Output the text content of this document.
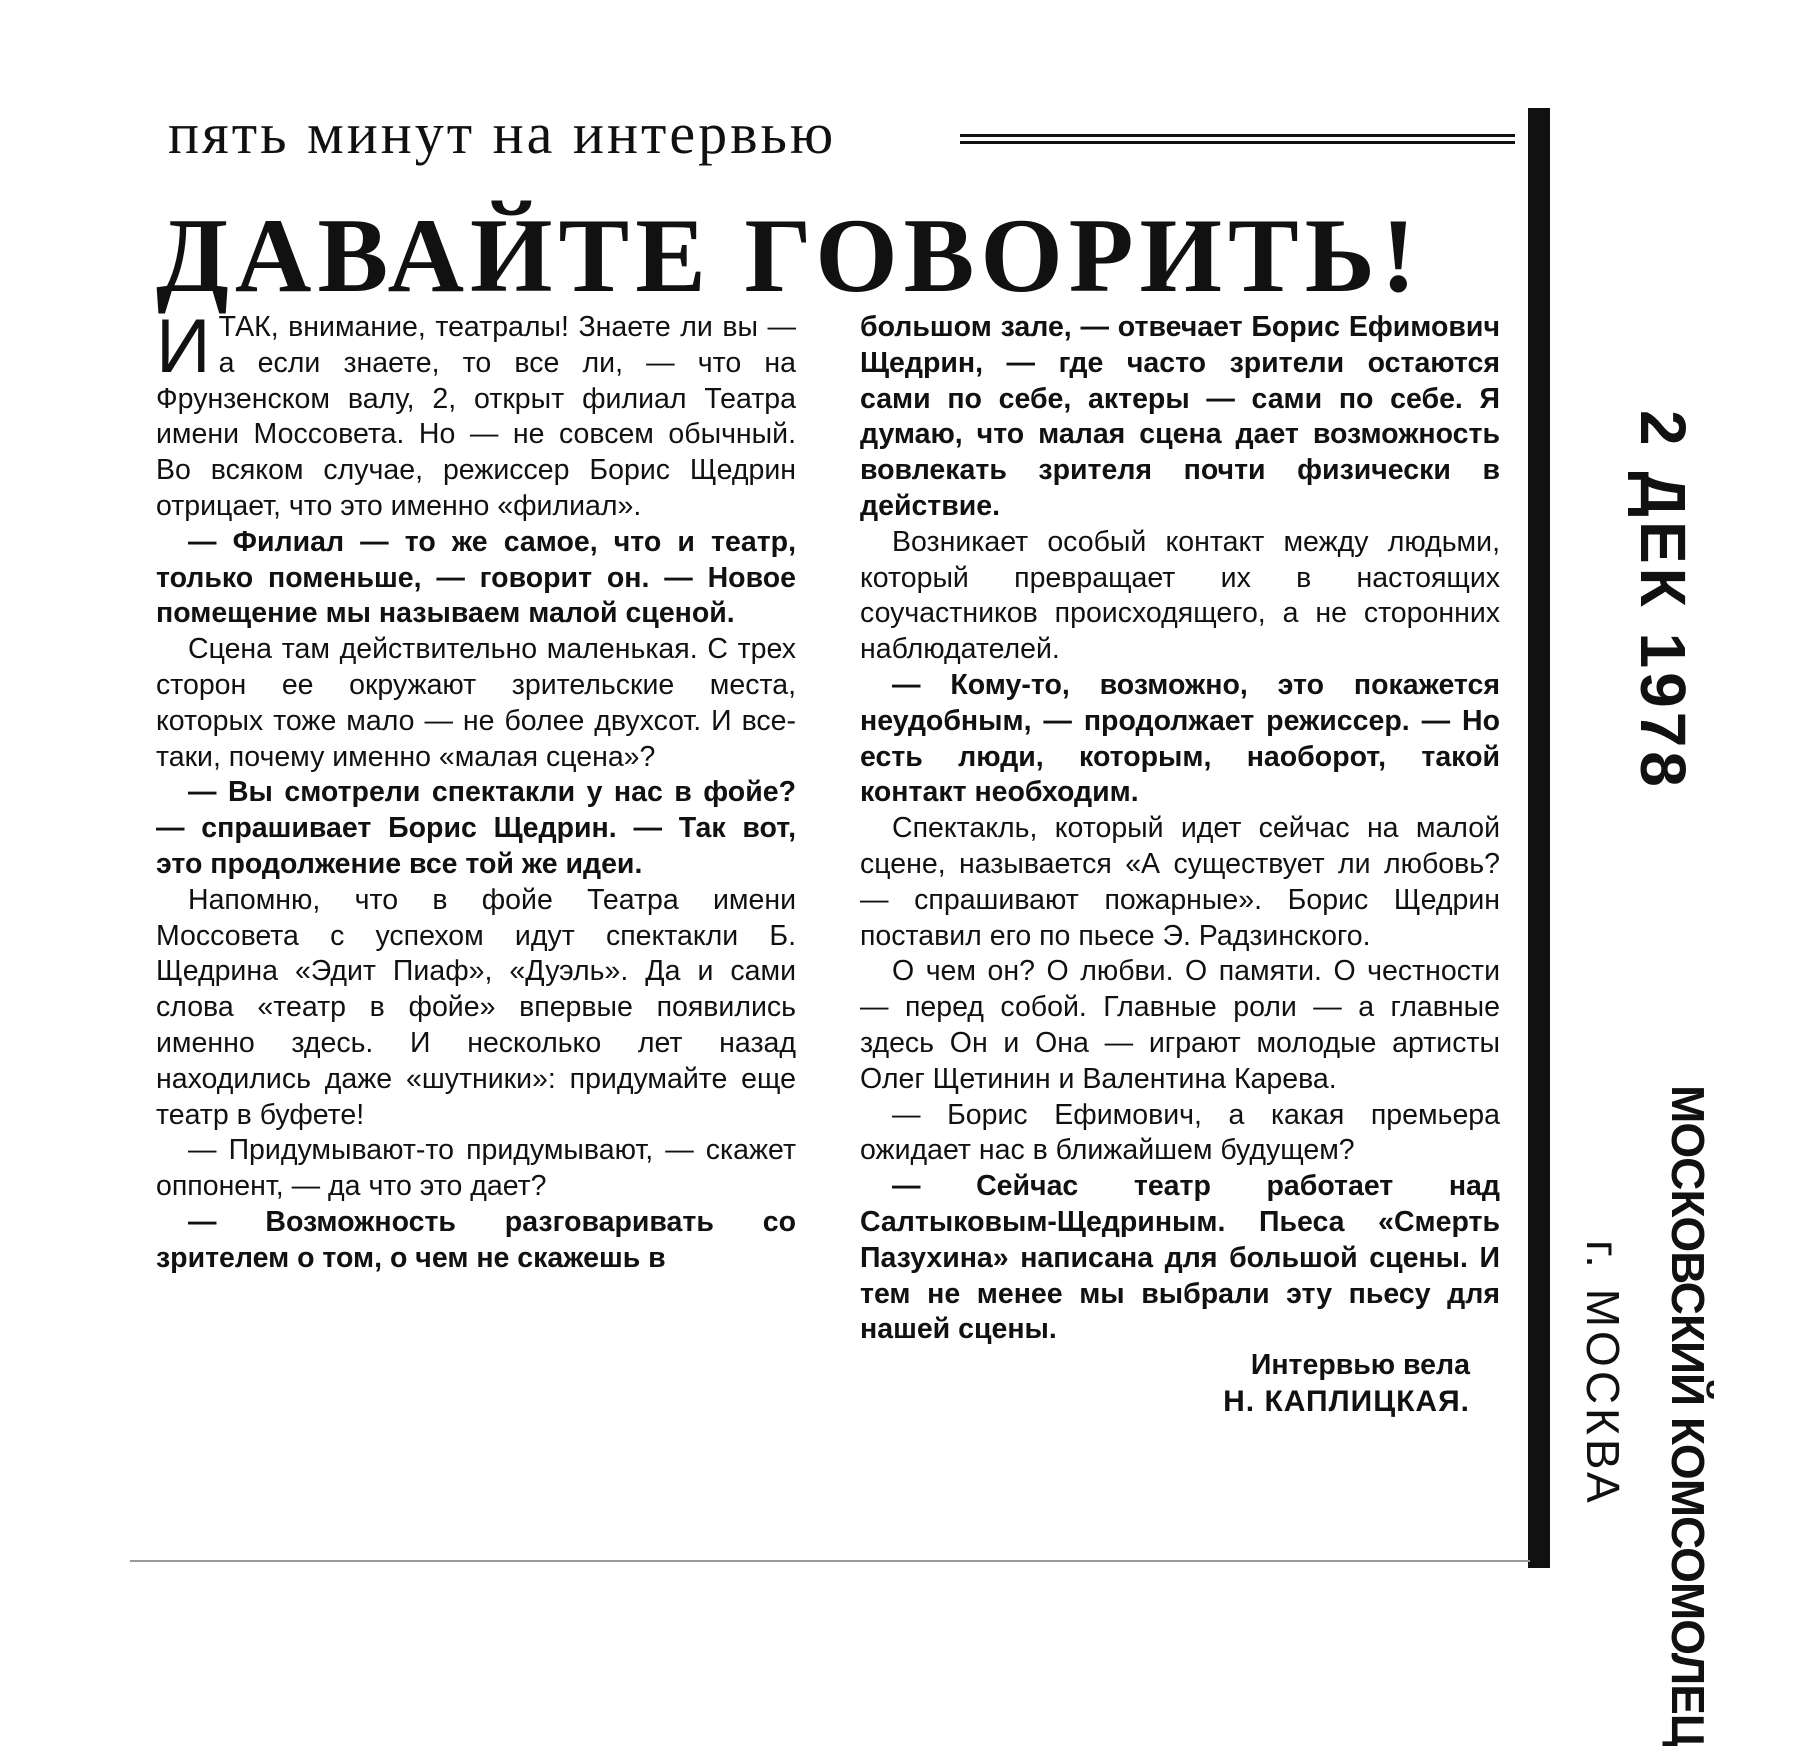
пять минут на интервью
ДАВАЙТЕ ГОВОРИТЬ!

ИТАК, внимание, театралы! Знаете ли вы — а если знаете, то все ли, — что на Фрунзенском валу, 2, открыт филиал Театра имени Моссовета. Но — не совсем обычный. Во всяком случае, режиссер Борис Щедрин отрицает, что это именно «филиал».

— Филиал — то же самое, что и театр, только поменьше, — говорит он. — Новое помещение мы называем малой сценой.

Сцена там действительно маленькая. С трех сторон ее окружают зрительские места, которых тоже мало — не более двухсот. И все-таки, почему именно «малая сцена»?

— Вы смотрели спектакли у нас в фойе? — спрашивает Борис Щедрин. — Так вот, это продолжение все той же идеи.

Напомню, что в фойе Театра имени Моссовета с успехом идут спектакли Б. Щедрина «Эдит Пиаф», «Дуэль». Да и сами слова «театр в фойе» впервые появились именно здесь. И несколько лет назад находились даже «шутники»: придумайте еще театр в буфете!

— Придумывают-то придумывают, — скажет оппонент, — да что это дает?

— Возможность разговаривать со зрителем о том, о чем не скажешь в

большом зале, — отвечает Борис Ефимович Щедрин, — где часто зрители остаются сами по себе, актеры — сами по себе. Я думаю, что малая сцена дает возможность вовлекать зрителя почти физически в действие.

Возникает особый контакт между людьми, который превращает их в настоящих соучастников происходящего, а не сторонних наблюдателей.

— Кому-то, возможно, это покажется неудобным, — продолжает режиссер. — Но есть люди, которым, наоборот, такой контакт необходим.

Спектакль, который идет сейчас на малой сцене, называется «А существует ли любовь? — спрашивают пожарные». Борис Щедрин поставил его по пьесе Э. Радзинского.

О чем он? О любви. О памяти. О честности — перед собой. Главные роли — а главные здесь Он и Она — играют молодые артисты Олег Щетинин и Валентина Карева.

— Борис Ефимович, а какая премьера ожидает нас в ближайшем будущем?

— Сейчас театр работает над Салтыковым-Щедриным. Пьеса «Смерть Пазухина» написана для большой сцены. И тем не менее мы выбрали эту пьесу для нашей сцены.

Интервью вела
Н. КАПЛИЦКАЯ.
2 ДЕК 1978
МОСКОВСКИЙ КОМСОМОЛЕЦ
г. МОСКВА
